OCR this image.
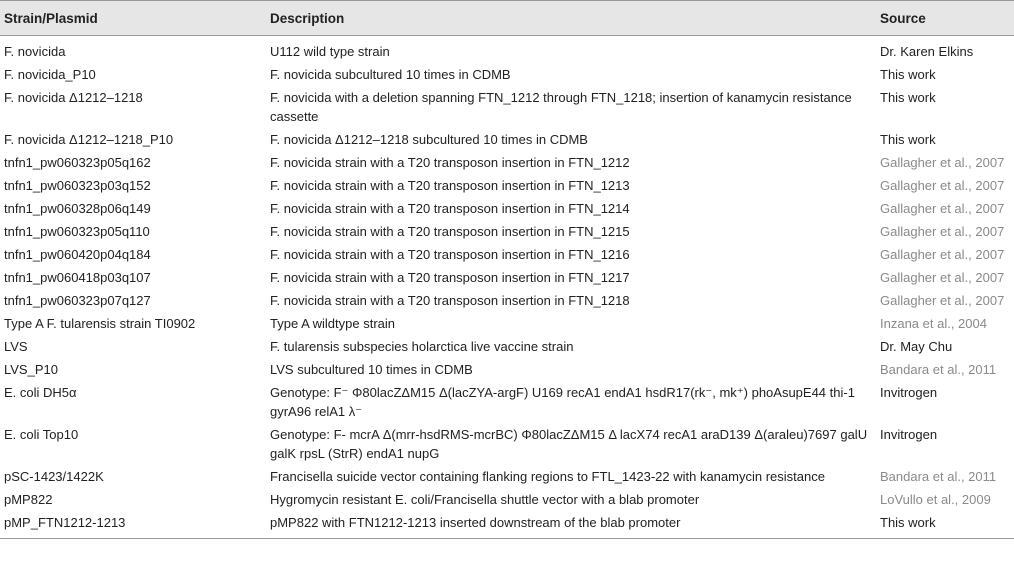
Strain/Plasmid	Description	Source
F. novicida	U112 wild type strain	Dr. Karen Elkins
F. novicida_P10	F. novicida subcultured 10 times in CDMB	This work
F. novicida Δ1212–1218	F. novicida with a deletion spanning FTN_1212 through FTN_1218; insertion of kanamycin resistance cassette	This work
F. novicida Δ1212–1218_P10	F. novicida Δ1212–1218 subcultured 10 times in CDMB	This work
tnfn1_pw060323p05q162	F. novicida strain with a T20 transposon insertion in FTN_1212	Gallagher et al., 2007
tnfn1_pw060323p03q152	F. novicida strain with a T20 transposon insertion in FTN_1213	Gallagher et al., 2007
tnfn1_pw060328p06q149	F. novicida strain with a T20 transposon insertion in FTN_1214	Gallagher et al., 2007
tnfn1_pw060323p05q110	F. novicida strain with a T20 transposon insertion in FTN_1215	Gallagher et al., 2007
tnfn1_pw060420p04q184	F. novicida strain with a T20 transposon insertion in FTN_1216	Gallagher et al., 2007
tnfn1_pw060418p03q107	F. novicida strain with a T20 transposon insertion in FTN_1217	Gallagher et al., 2007
tnfn1_pw060323p07q127	F. novicida strain with a T20 transposon insertion in FTN_1218	Gallagher et al., 2007
Type A F. tularensis strain TI0902	Type A wildtype strain	Inzana et al., 2004
LVS	F. tularensis subspecies holarctica live vaccine strain	Dr. May Chu
LVS_P10	LVS subcultured 10 times in CDMB	Bandara et al., 2011
E. coli DH5α	Genotype: F⁻ Φ80lacZΔM15 Δ(lacZYA-argF) U169 recA1 endA1 hsdR17(rk⁻, mk⁺) phoAsupE44 thi-1 gyrA96 relA1 λ⁻	Invitrogen
E. coli Top10	Genotype: F- mcrA Δ(mrr-hsdRMS-mcrBC) Φ80lacZΔM15 Δ lacX74 recA1 araD139 Δ(araleu)7697 galU galK rpsL (StrR) endA1 nupG	Invitrogen
pSC-1423/1422K	Francisella suicide vector containing flanking regions to FTL_1423-22 with kanamycin resistance	Bandara et al., 2011
pMP822	Hygromycin resistant E. coli/Francisella shuttle vector with a blab promoter	LoVullo et al., 2009
pMP_FTN1212-1213	pMP822 with FTN1212-1213 inserted downstream of the blab promoter	This work
